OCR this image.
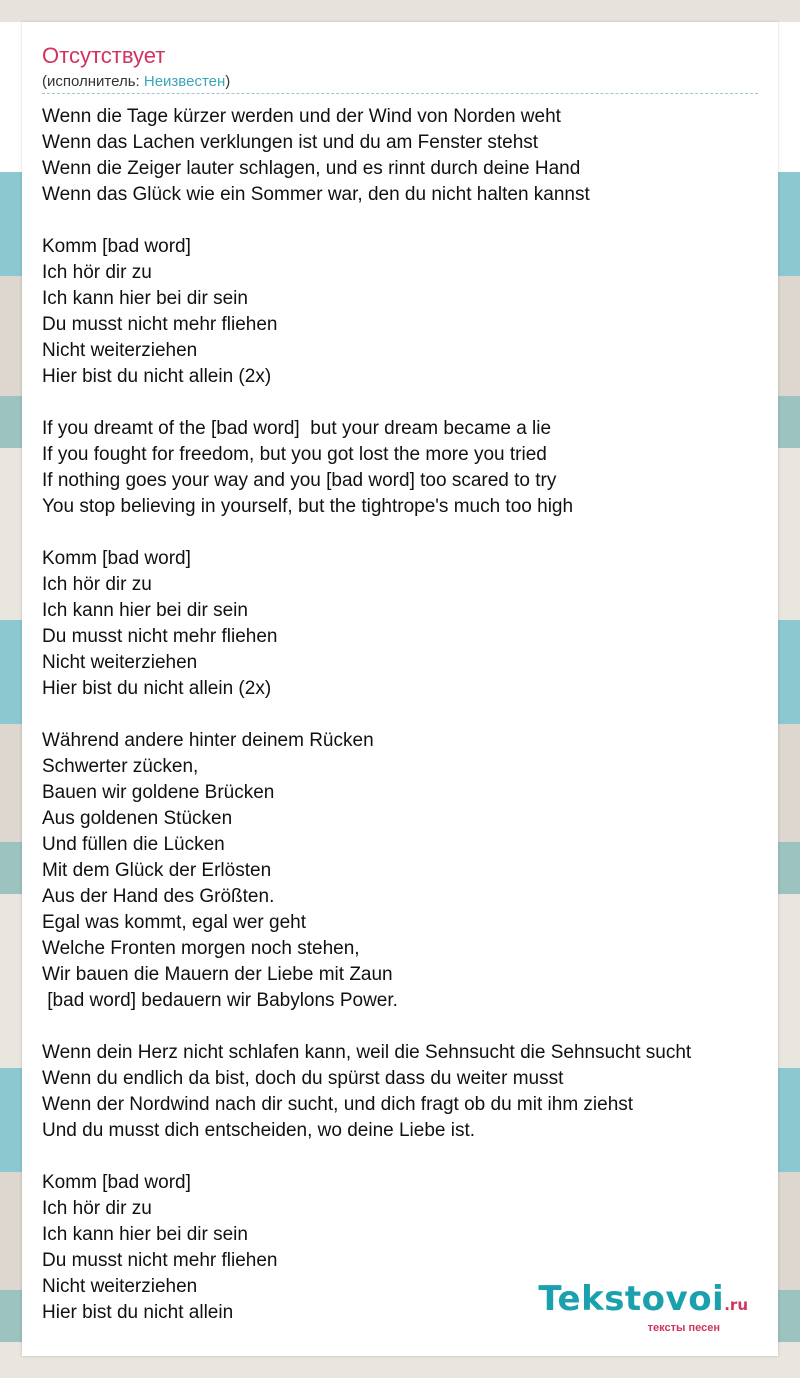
Отсутствует
(исполнитель: Неизвестен)
Wenn die Tage kürzer werden und der Wind von Norden weht
Wenn das Lachen verklungen ist und du am Fenster stehst
Wenn die Zeiger lauter schlagen, und es rinnt durch deine Hand
Wenn das Glück wie ein Sommer war, den du nicht halten kannst
Komm [bad word]
Ich hör dir zu
Ich kann hier bei dir sein
Du musst nicht mehr fliehen
Nicht weiterziehen
Hier bist du nicht allein (2x)
If you dreamt of the [bad word]  but your dream became a lie
If you fought for freedom, but you got lost the more you tried
If nothing goes your way and you [bad word] too scared to try
You stop believing in yourself, but the tightrope's much too high
Komm [bad word]
Ich hör dir zu
Ich kann hier bei dir sein
Du musst nicht mehr fliehen
Nicht weiterziehen
Hier bist du nicht allein (2x)
Während andere hinter deinem Rücken
Schwerter zücken,
Bauen wir goldene Brücken
Aus goldenen Stücken
Und füllen die Lücken
Mit dem Glück der Erlösten
Aus der Hand des Größten.
Egal was kommt, egal wer geht
Welche Fronten morgen noch stehen,
Wir bauen die Mauern der Liebe mit Zaun
[bad word] bedauern wir Babylons Power.
Wenn dein Herz nicht schlafen kann, weil die Sehnsucht die Sehnsucht sucht
Wenn du endlich da bist, doch du spürst dass du weiter musst
Wenn der Nordwind nach dir sucht, und dich fragt ob du mit ihm ziehst
Und du musst dich entscheiden, wo deine Liebe ist.
Komm [bad word]
Ich hör dir zu
Ich kann hier bei dir sein
Du musst nicht mehr fliehen
Nicht weiterziehen
Hier bist du nicht allein	Tekstovoi.ru
тексты песен
